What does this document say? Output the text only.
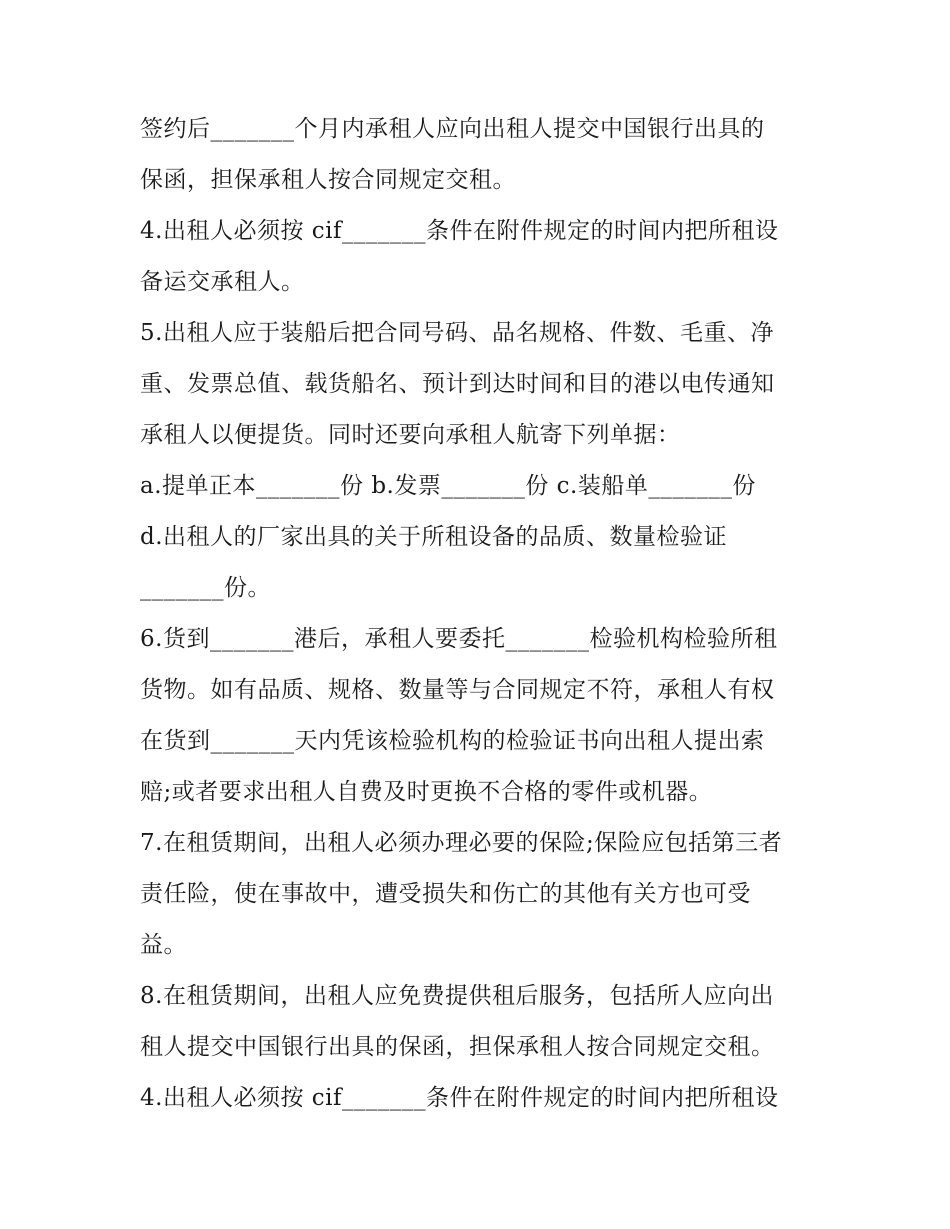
签约后_______个月内承租人应向出租人提交中国银行出具的
保函，担保承租人按合同规定交租。
4.出租人必须按 cif_______条件在附件规定的时间内把所租设
备运交承租人。
5.出租人应于装船后把合同号码、品名规格、件数、毛重、净
重、发票总值、载货船名、预计到达时间和目的港以电传通知
承租人以便提货。同时还要向承租人航寄下列单据：
a.提单正本_______份 b.发票_______份 c.装船单_______份
d.出租人的厂家出具的关于所租设备的品质、数量检验证
_______份。
6.货到_______港后，承租人要委托_______检验机构检验所租
货物。如有品质、规格、数量等与合同规定不符，承租人有权
在货到_______天内凭该检验机构的检验证书向出租人提出索
赔;或者要求出租人自费及时更换不合格的零件或机器。
7.在租赁期间，出租人必须办理必要的保险;保险应包括第三者
责任险，使在事故中，遭受损失和伤亡的其他有关方也可受
益。
8.在租赁期间，出租人应免费提供租后服务，包括所人应向出
租人提交中国银行出具的保函，担保承租人按合同规定交租。
4.出租人必须按 cif_______条件在附件规定的时间内把所租设
